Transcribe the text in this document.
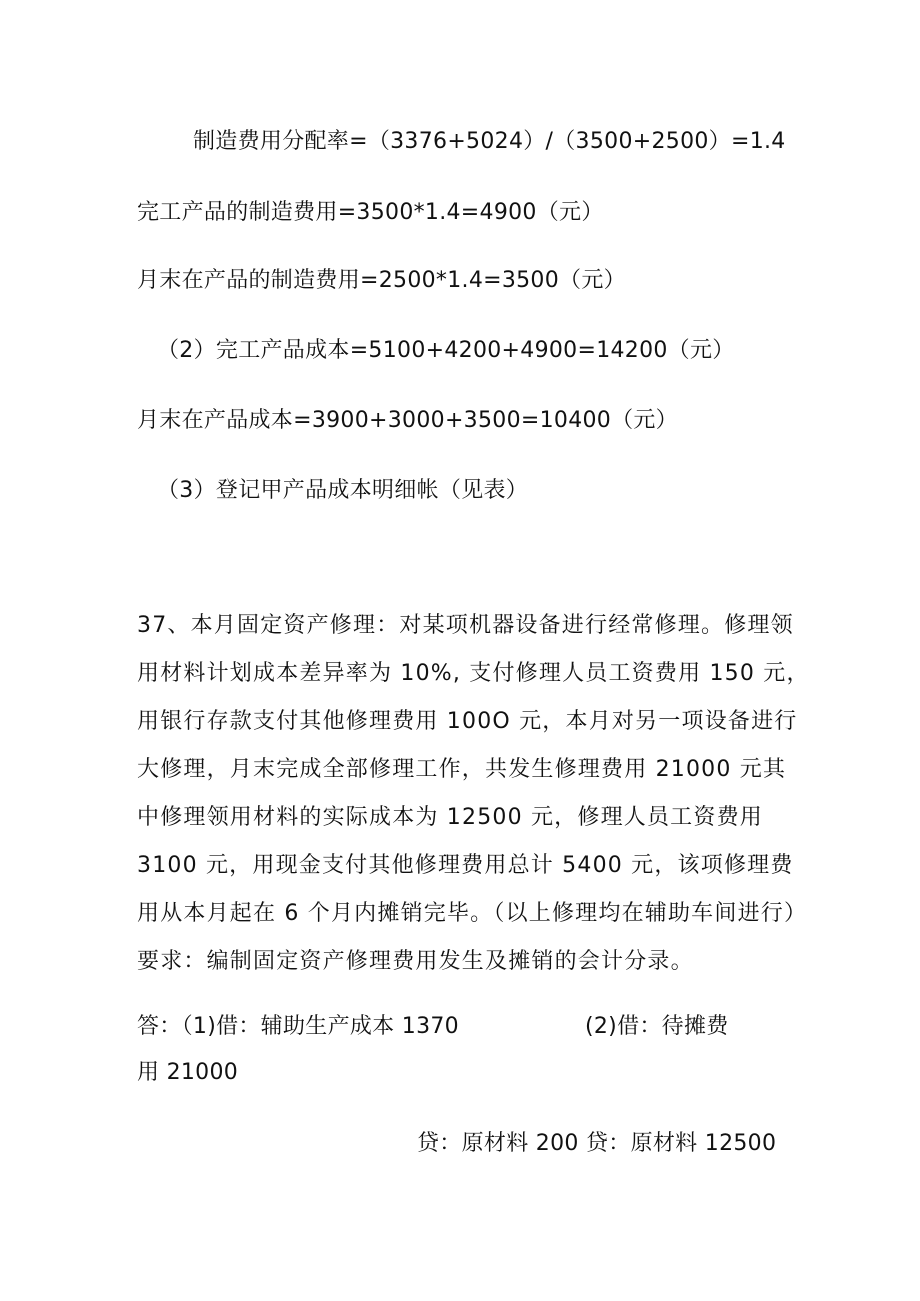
制造费用分配率=（3376+5024）/（3500+2500）=1.4
完工产品的制造费用=3500*1.4=4900（元）
月末在产品的制造费用=2500*1.4=3500（元）
（2）完工产品成本=5100+4200+4900=14200（元）
月末在产品成本=3900+3000+3500=10400（元）
（3）登记甲产品成本明细帐（见表）
37、本月固定资产修理：对某项机器设备进行经常修理。修理领
用材料计划成本差异率为 10%, 支付修理人员工资费用 150 元，
用银行存款支付其他修理费用 100O 元，本月对另一项设备进行
大修理，月末完成全部修理工作，共发生修理费用 21000 元其
中修理领用材料的实际成本为 12500 元，修理人员工资费用
3100 元，用现金支付其他修理费用总计 5400 元，该项修理费
用从本月起在 6 个月内摊销完毕。（以上修理均在辅助车间进行）
要求：编制固定资产修理费用发生及摊销的会计分录。
答：（1)借：辅助生产成本 1370	(2)借：待摊费
用 21000
贷：原材料 200 贷：原材料 12500
